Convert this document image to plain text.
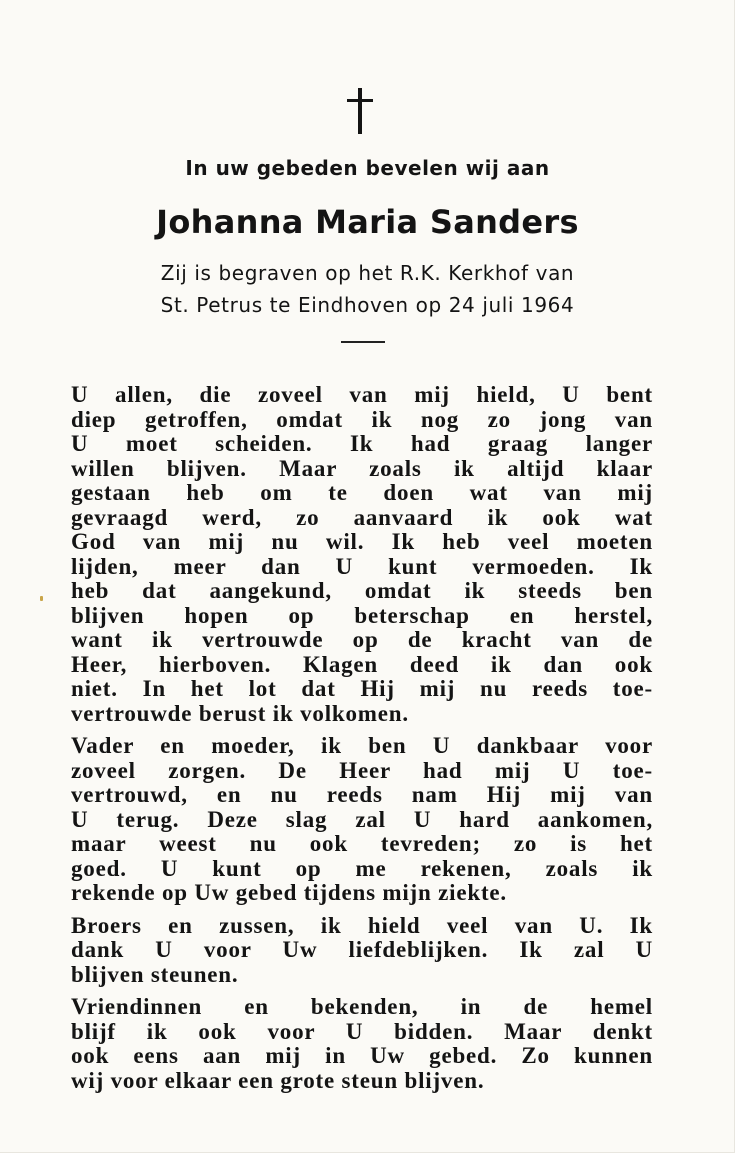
In uw gebeden bevelen wij aan
Johanna Maria Sanders
Zij is begraven op het R.K. Kerkhof van
St. Petrus te Eindhoven op 24 juli 1964
U allen, die zoveel van mij hield, U bent
diep getroffen, omdat ik nog zo jong van
U moet scheiden. Ik had graag langer
willen blijven. Maar zoals ik altijd klaar
gestaan heb om te doen wat van mij
gevraagd werd, zo aanvaard ik ook wat
God van mij nu wil. Ik heb veel moeten
lijden, meer dan U kunt vermoeden. Ik
heb dat aangekund, omdat ik steeds ben
blijven hopen op beterschap en herstel,
want ik vertrouwde op de kracht van de
Heer, hierboven. Klagen deed ik dan ook
niet. In het lot dat Hij mij nu reeds toe-
vertrouwde berust ik volkomen.
Vader en moeder, ik ben U dankbaar voor
zoveel zorgen. De Heer had mij U toe-
vertrouwd, en nu reeds nam Hij mij van
U terug. Deze slag zal U hard aankomen,
maar weest nu ook tevreden; zo is het
goed. U kunt op me rekenen, zoals ik
rekende op Uw gebed tijdens mijn ziekte.
Broers en zussen, ik hield veel van U. Ik
dank U voor Uw liefdeblijken. Ik zal U
blijven steunen.
Vriendinnen en bekenden, in de hemel
blijf ik ook voor U bidden. Maar denkt
ook eens aan mij in Uw gebed. Zo kunnen
wij voor elkaar een grote steun blijven.
